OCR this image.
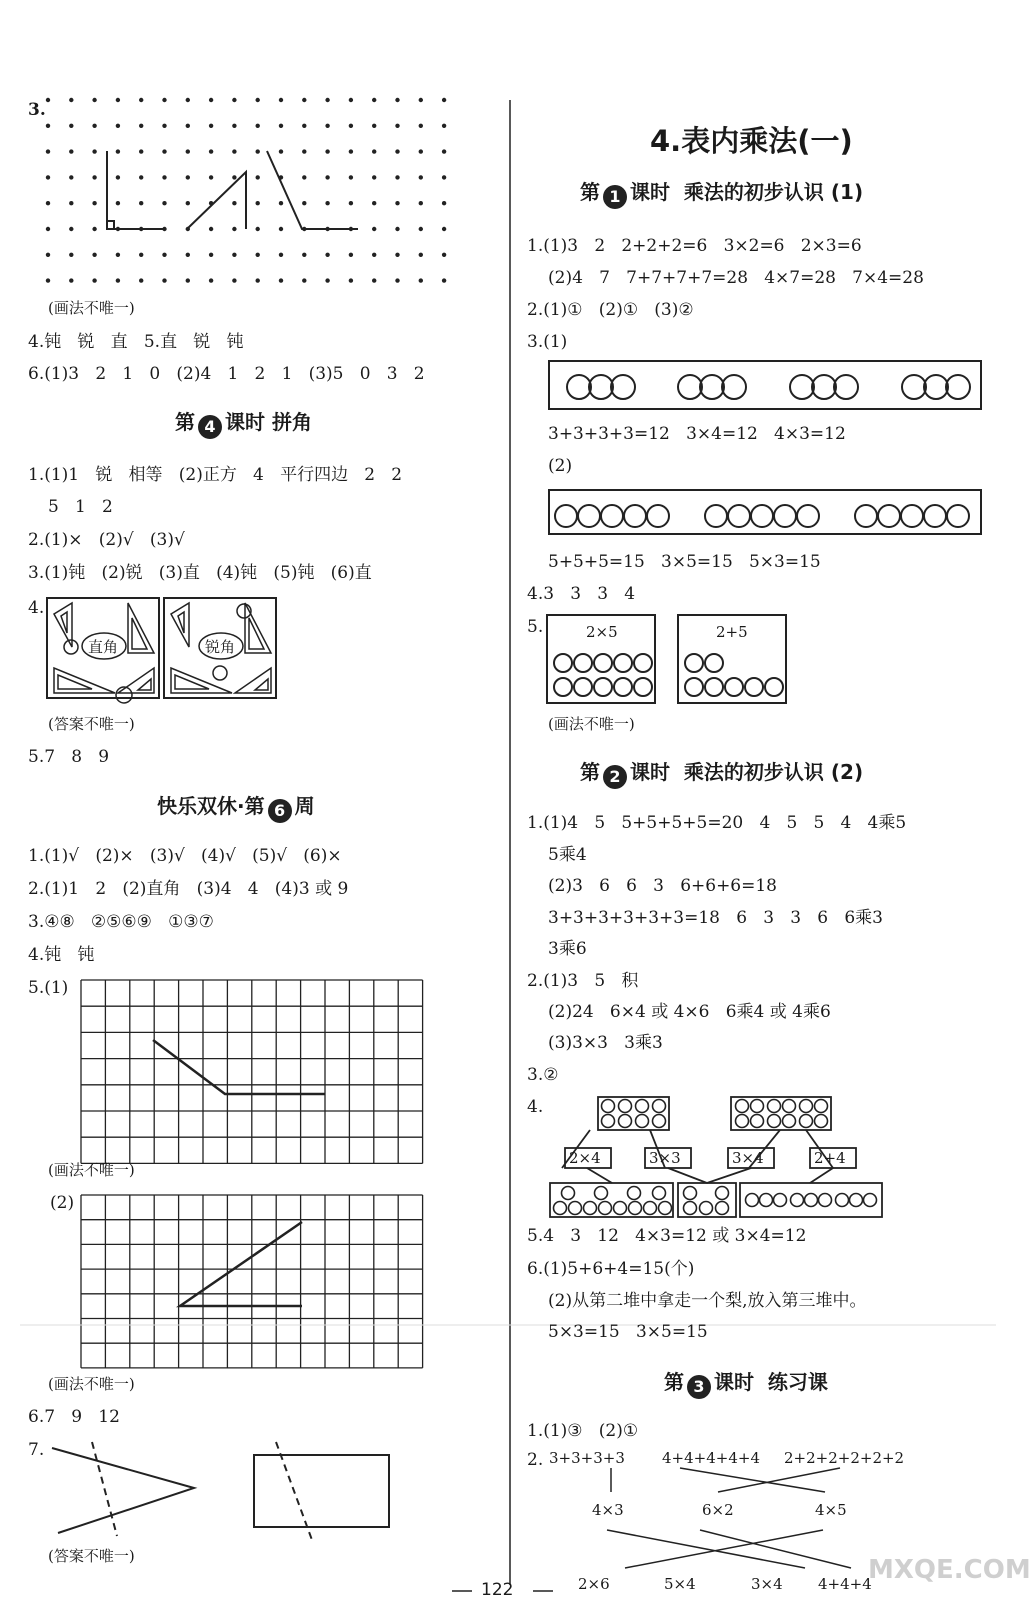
3.
(画法不唯一)
4.钝   锐   直   5.直   锐   钝
6.(1)3   2   1   0   (2)4   1   2   1   (3)5   0   3   2
第 4 课时 拼角
1.(1)1   锐   相等   (2)正方   4   平行四边   2   2
5   1   2
2.(1)×   (2)√   (3)√
3.(1)钝   (2)锐   (3)直   (4)钝   (5)钝   (6)直
4.
直角	锐角
(答案不唯一)
5.7   8   9
快乐双休·第 6 周
1.(1)√   (2)×   (3)√   (4)√   (5)√   (6)×
2.(1)1   2   (2)直角   (3)4   4   (4)3 或 9
3.④⑧   ②⑤⑥⑨   ①③⑦
4.钝   钝
5.(1)
(画法不唯一)
(2)
(画法不唯一)
6.7   9   12
7.
(答案不唯一)
4.表内乘法(一)
第 1 课时  乘法的初步认识 (1)
1.(1)3   2   2+2+2=6   3×2=6   2×3=6
(2)4   7   7+7+7+7=28   4×7=28   7×4=28
2.(1)①   (2)①   (3)②
3.(1)
3+3+3+3=12   3×4=12   4×3=12
(2)
5+5+5=15   3×5=15   5×3=15
4.3   3   3   4
5.	2×5	2+5
(画法不唯一)
第 2 课时  乘法的初步认识 (2)
1.(1)4   5   5+5+5+5=20   4   5   5   4   4乘5
5乘4
(2)3   6   6   3   6+6+6=18
3+3+3+3+3+3=18   6   3   3   6   6乘3
3乘6
2.(1)3   5   积
(2)24   6×4 或 4×6   6乘4 或 4乘6
(3)3×3   3乘3
3.②
4.
2×4	3×3	3×4	2+4
5.4   3   12   4×3=12 或 3×4=12
6.(1)5+6+4=15(个)
(2)从第二堆中拿走一个梨,放入第三堆中。
5×3=15   3×5=15
第 3 课时  练习课
1.(1)③   (2)①
2. 3+3+3+3 4+4+4+4+4 2+2+2+2+2+2
4×3	6×2	4×5
2×6	5×4	3×4 4+4+4
122
MXQE.COM
